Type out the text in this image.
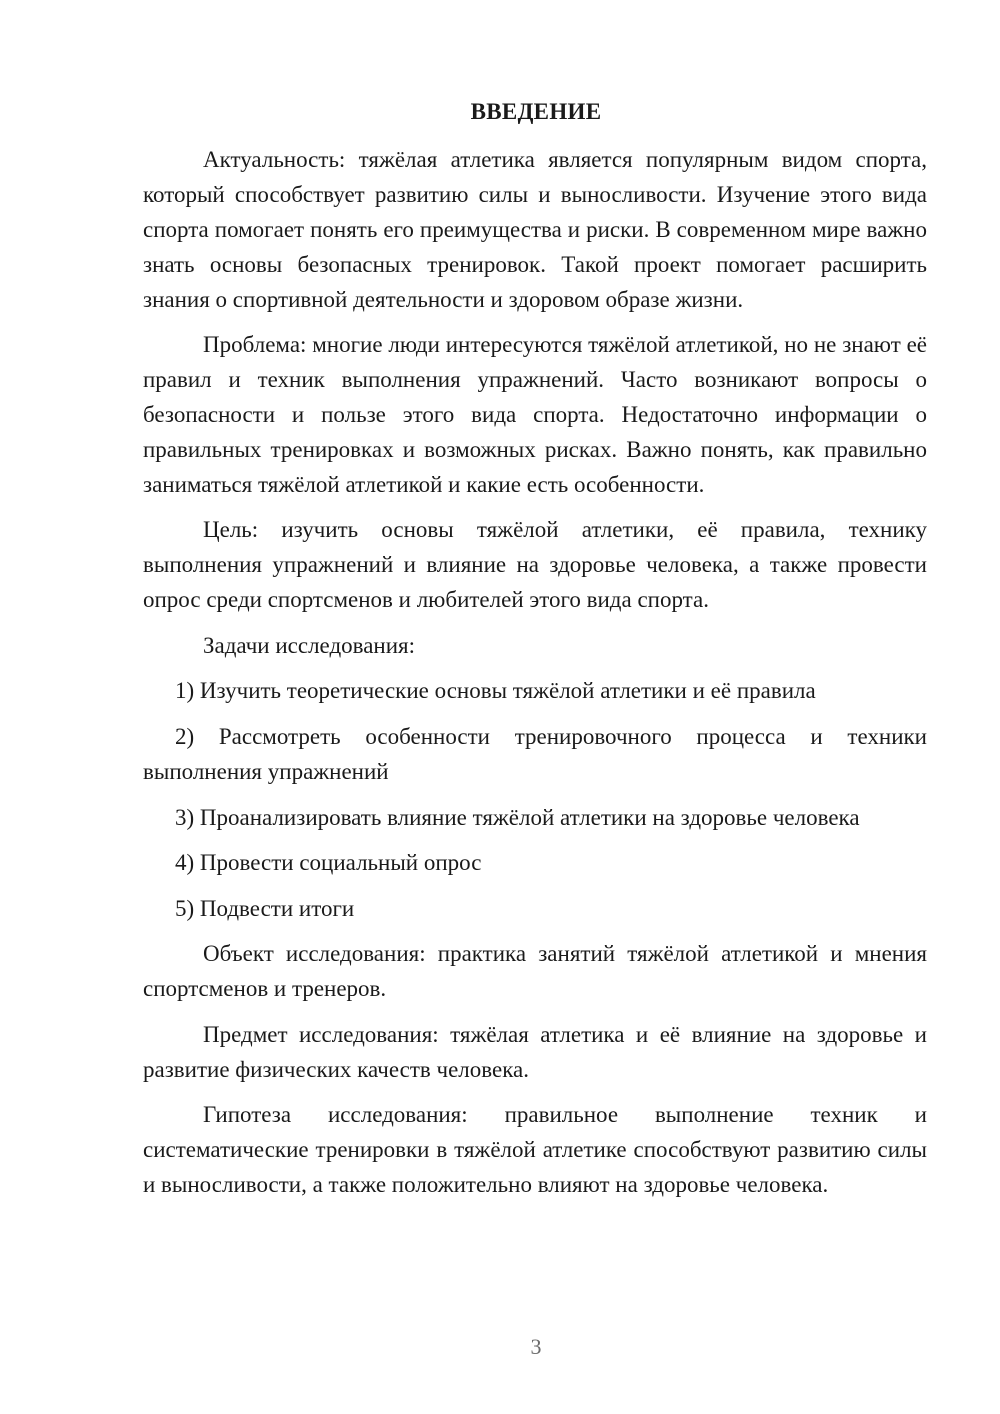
ВВЕДЕНИЕ

Актуальность: тяжёлая атлетика является популярным видом спорта, который способствует развитию силы и выносливости. Изучение этого вида спорта помогает понять его преимущества и риски. В современном мире важно знать основы безопасных тренировок. Такой проект помогает расширить знания о спортивной деятельности и здоровом образе жизни.

Проблема: многие люди интересуются тяжёлой атлетикой, но не знают её правил и техник выполнения упражнений. Часто возникают вопросы о безопасности и пользе этого вида спорта. Недостаточно информации о правильных тренировках и возможных рисках. Важно понять, как правильно заниматься тяжёлой атлетикой и какие есть особенности.

Цель: изучить основы тяжёлой атлетики, её правила, технику выполнения упражнений и влияние на здоровье человека, а также провести опрос среди спортсменов и любителей этого вида спорта.

Задачи исследования:

1) Изучить теоретические основы тяжёлой атлетики и её правила

2) Рассмотреть особенности тренировочного процесса и техники выполнения упражнений

3) Проанализировать влияние тяжёлой атлетики на здоровье человека

4) Провести социальный опрос

5) Подвести итоги

Объект исследования: практика занятий тяжёлой атлетикой и мнения спортсменов и тренеров.

Предмет исследования: тяжёлая атлетика и её влияние на здоровье и развитие физических качеств человека.

Гипотеза исследования: правильное выполнение техник и систематические тренировки в тяжёлой атлетике способствуют развитию силы и выносливости, а также положительно влияют на здоровье человека.

3
